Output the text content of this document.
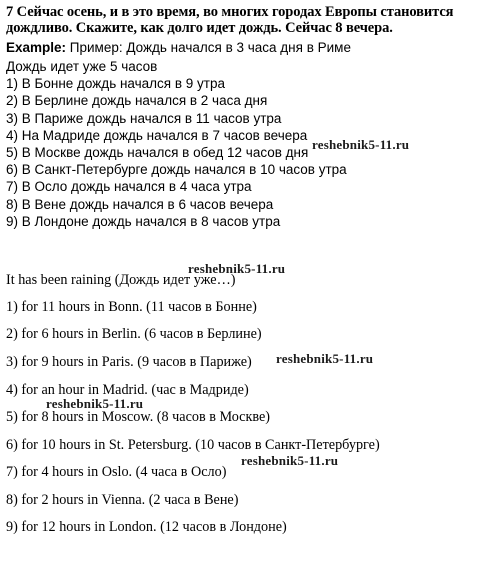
7 Сейчас осень, и в это время, во многих городах Европы становится
дождливо. Скажите, как долго идет дождь. Сейчас 8 вечера.
Example: Пример: Дождь начался в 3 часа дня в Риме
Дождь идет уже 5 часов
1) В Бонне дождь начался в 9 утра
2) В Берлине дождь начался в 2 часа дня
3) В Париже дождь начался в 11 часов утра
4) На Мадриде дождь начался в 7 часов вечера
5) В Москве дождь начался в обед 12 часов дня
6) В Санкт-Петербурге дождь начался в 10 часов утра
7) В Осло дождь начался в 4 часа утра
8) В Вене дождь начался в 6 часов вечера
9) В Лондоне дождь начался в 8 часов утра
It has been raining (Дождь идет уже…)
1) for 11 hours in Bonn. (11 часов в Бонне)
2) for 6 hours in Berlin. (6 часов в Берлине)
3) for 9 hours in Paris. (9 часов в Париже)
4) for an hour in Madrid. (час в Мадриде)
5) for 8 hours in Moscow. (8 часов в Москве)
6) for 10 hours in St. Petersburg. (10 часов в Санкт-Петербурге)
7) for 4 hours in Oslo. (4 часа в Осло)
8) for 2 hours in Vienna. (2 часа в Вене)
9) for 12 hours in London. (12 часов в Лондоне)
reshebnik5-11.ru
reshebnik5-11.ru
reshebnik5-11.ru
reshebnik5-11.ru
reshebnik5-11.ru
